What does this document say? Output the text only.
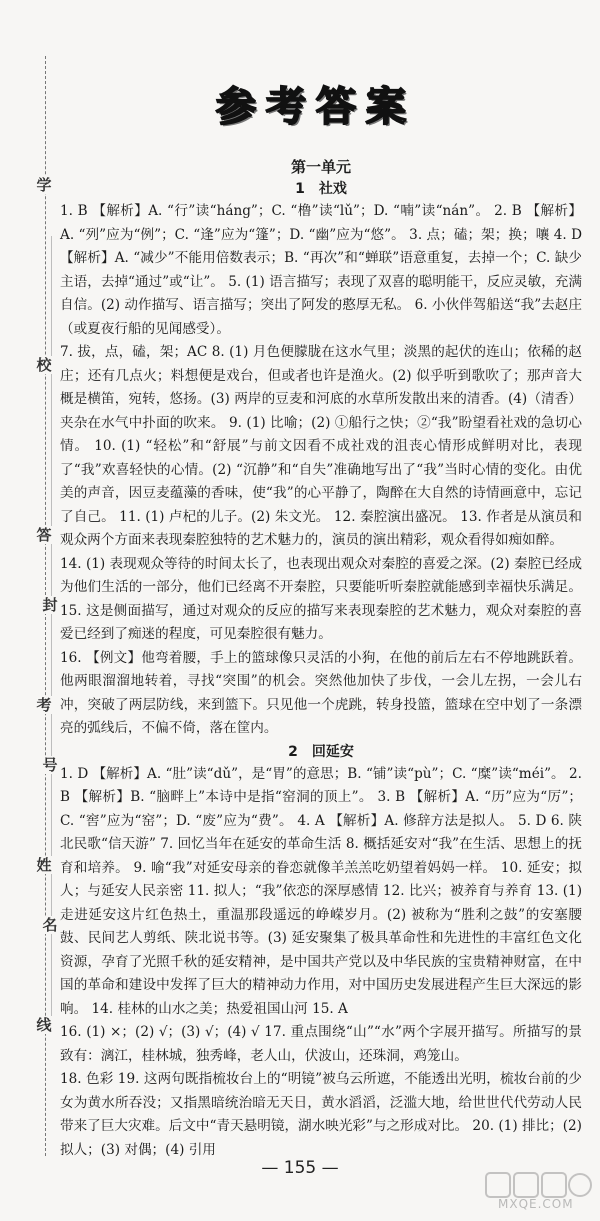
学
校
答
封
考
号
姓
名
线
参 考 答 案
第一单元
1　社戏

1. B 【解析】A. “行”读“háng”；C. “橹”读“lǔ”；D. “喃”读“nán”。 2. B 【解析】A. “列”应为“例”；C. “逢”应为“篷”；D. “幽”应为“悠”。 3. 点；磕；架；换；嚷 4. D 【解析】A. “减少”不能用倍数表示；B. “再次”和“蝉联”语意重复，去掉一个；C. 缺少主语，去掉“通过”或“让”。 5. (1) 语言描写；表现了双喜的聪明能干，反应灵敏，充满自信。(2) 动作描写、语言描写；突出了阿发的憨厚无私。 6. 小伙伴驾船送“我”去赵庄（或夏夜行船的见闻感受）。

7. 拔，点，磕，架；AC 8. (1) 月色便朦胧在这水气里；淡黑的起伏的连山；依稀的赵庄；还有几点火；料想便是戏台，但或者也许是渔火。(2) 似乎听到歌吹了；那声音大概是横笛，宛转，悠扬。(3) 两岸的豆麦和河底的水草所发散出来的清香。(4)（清香）夹杂在水气中扑面的吹来。 9. (1) 比喻；(2) ①船行之快；②“我”盼望看社戏的急切心情。 10. (1) “轻松”和“舒展”与前文因看不成社戏的沮丧心情形成鲜明对比，表现了“我”欢喜轻快的心情。(2) “沉静”和“自失”准确地写出了“我”当时心情的变化。由优美的声音，因豆麦蕴藻的香味，使“我”的心平静了，陶醉在大自然的诗情画意中，忘记了自己。 11. (1) 卢杞的儿子。(2) 朱文光。 12. 秦腔演出盛况。 13. 作者是从演员和观众两个方面来表现秦腔独特的艺术魅力的，演员的演出精彩，观众看得如痴如醉。

14. (1) 表现观众等待的时间太长了，也表现出观众对秦腔的喜爱之深。(2) 秦腔已经成为他们生活的一部分，他们已经离不开秦腔，只要能听听秦腔就能感到幸福快乐满足。 15. 这是侧面描写，通过对观众的反应的描写来表现秦腔的艺术魅力，观众对秦腔的喜爱已经到了痴迷的程度，可见秦腔很有魅力。

16. 【例文】他弯着腰，手上的篮球像只灵活的小狗，在他的前后左右不停地跳跃着。他两眼溜溜地转着，寻找“突围”的机会。突然他加快了步伐，一会儿左拐，一会儿右冲，突破了两层防线，来到篮下。只见他一个虎跳，转身投篮，篮球在空中划了一条漂亮的弧线后，不偏不倚，落在筐内。

2　回延安

1. D 【解析】A. “肚”读“dǔ”，是“胃”的意思；B. “铺”读“pù”；C. “糜”读“méi”。 2. B 【解析】B. “脑畔上”本诗中是指“窑洞的顶上”。 3. B 【解析】A. “历”应为“厉”；C. “窖”应为“窑”；D. “废”应为“费”。 4. A 【解析】A. 修辞方法是拟人。 5. D 6. 陕北民歌“信天游” 7. 回忆当年在延安的革命生活 8. 概括延安对“我”在生活、思想上的抚育和培养。 9. 喻“我”对延安母亲的眷恋就像羊羔羔吃奶望着妈妈一样。 10. 延安；拟人；与延安人民亲密 11. 拟人；“我”依恋的深厚感情 12. 比兴；被养育与养育 13. (1) 走进延安这片红色热土，重温那段遥远的峥嵘岁月。(2) 被称为“胜利之鼓”的安塞腰鼓、民间艺人剪纸、陕北说书等。(3) 延安聚集了极具革命性和先进性的丰富红色文化资源，孕育了光照千秋的延安精神，是中国共产党以及中华民族的宝贵精神财富，在中国的革命和建设中发挥了巨大的精神动力作用，对中国历史发展进程产生巨大深远的影响。 14. 桂林的山水之美；热爱祖国山河 15. A

16. (1) ×；(2) √；(3) √；(4) √ 17. 重点围绕“山”“水”两个字展开描写。所描写的景致有：漓江，桂林城，独秀峰，老人山，伏波山，还珠洞，鸡笼山。

18. 色彩 19. 这两句既指梳妆台上的“明镜”被乌云所遮，不能透出光明，梳妆台前的少女为黄水所吞没；又指黑暗统治暗无天日，黄水滔滔，泛滥大地，给世世代代劳动人民带来了巨大灾难。后文中“青天悬明镜，湖水映光彩”与之形成对比。 20. (1) 排比；(2) 拟人；(3) 对偶；(4) 引用

— 155 —
MXQE.COM
